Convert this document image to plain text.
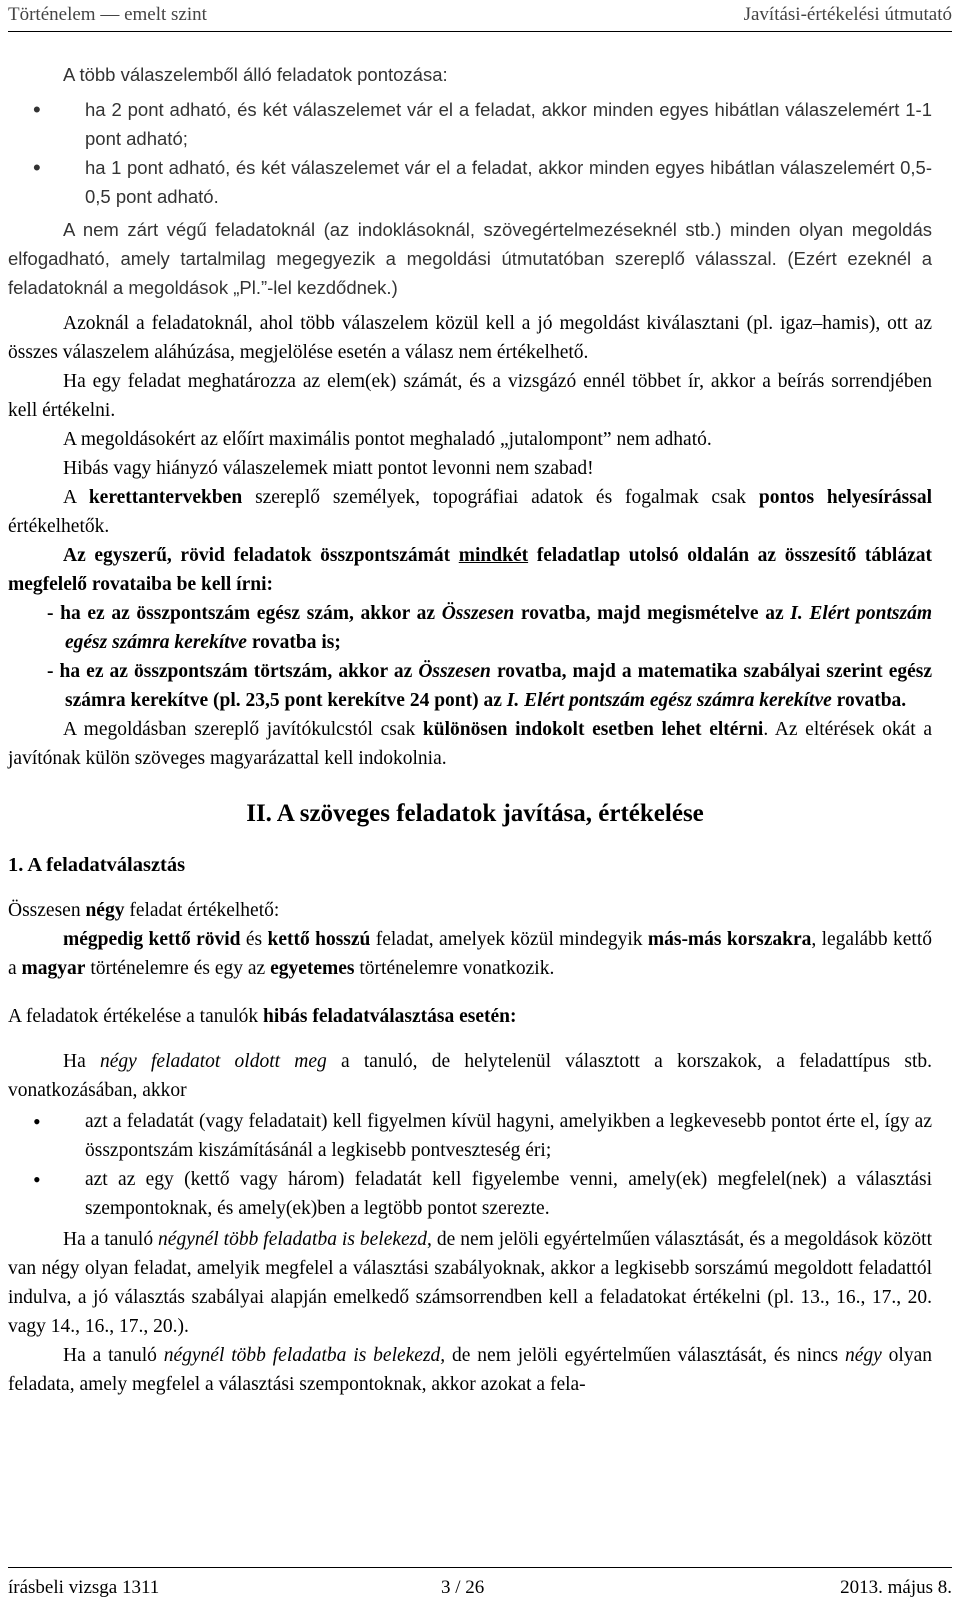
Történelem — emelt szint	Javítási-értékelési útmutató

A több válaszelemből álló feladatok pontozása:

• ha 2 pont adható, és két válaszelemet vár el a feladat, akkor minden egyes hibátlan válaszelemért 1-1 pont adható;
• ha 1 pont adható, és két válaszelemet vár el a feladat, akkor minden egyes hibátlan válaszelemért 0,5-0,5 pont adható.

A nem zárt végű feladatoknál (az indoklásoknál, szövegértelmezéseknél stb.) minden olyan megoldás elfogadható, amely tartalmilag megegyezik a megoldási útmutatóban szereplő válasszal. (Ezért ezeknél a feladatoknál a megoldások „Pl.”-lel kezdődnek.)

Azoknál a feladatoknál, ahol több válaszelem közül kell a jó megoldást kiválasztani (pl. igaz–hamis), ott az összes válaszelem aláhúzása, megjelölése esetén a válasz nem értékelhető.

Ha egy feladat meghatározza az elem(ek) számát, és a vizsgázó ennél többet ír, akkor a beírás sorrendjében kell értékelni.

A megoldásokért az előírt maximális pontot meghaladó „jutalompont” nem adható.

Hibás vagy hiányzó válaszelemek miatt pontot levonni nem szabad!

A kerettantervekben szereplő személyek, topográfiai adatok és fogalmak csak pontos helyesírással értékelhetők.

Az egyszerű, rövid feladatok összpontszámát mindkét feladatlap utolsó oldalán az összesítő táblázat megfelelő rovataiba be kell írni:

- ha ez az összpontszám egész szám, akkor az Összesen rovatba, majd megismételve az I. Elért pontszám egész számra kerekítve rovatba is;

- ha ez az összpontszám törtszám, akkor az Összesen rovatba, majd a matematika szabályai szerint egész számra kerekítve (pl. 23,5 pont kerekítve 24 pont) az I. Elért pontszám egész számra kerekítve rovatba.

A megoldásban szereplő javítókulcstól csak különösen indokolt esetben lehet eltérni. Az eltérések okát a javítónak külön szöveges magyarázattal kell indokolnia.

II. A szöveges feladatok javítása, értékelése
1. A feladatválasztás

Összesen négy feladat értékelhető:

mégpedig kettő rövid és kettő hosszú feladat, amelyek közül mindegyik más-más korszakra, legalább kettő a magyar történelemre és egy az egyetemes történelemre vonatkozik.

A feladatok értékelése a tanulók hibás feladatválasztása esetén:

Ha négy feladatot oldott meg a tanuló, de helytelenül választott a korszakok, a feladattípus stb. vonatkozásában, akkor

• azt a feladatát (vagy feladatait) kell figyelmen kívül hagyni, amelyikben a legkevesebb pontot érte el, így az összpontszám kiszámításánál a legkisebb pontveszteség éri;
• azt az egy (kettő vagy három) feladatát kell figyelembe venni, amely(ek) megfelel(nek) a választási szempontoknak, és amely(ek)ben a legtöbb pontot szerezte.

Ha a tanuló négynél több feladatba is belekezd, de nem jelöli egyértelműen választását, és a megoldások között van négy olyan feladat, amelyik megfelel a választási szabályoknak, akkor a legkisebb sorszámú megoldott feladattól indulva, a jó választás szabályai alapján emelkedő számsorrendben kell a feladatokat értékelni (pl. 13., 16., 17., 20. vagy 14., 16., 17., 20.).

Ha a tanuló négynél több feladatba is belekezd, de nem jelöli egyértelműen választását, és nincs négy olyan feladata, amely megfelel a választási szempontoknak, akkor azokat a fela-

írásbeli vizsga 1311	3 / 26	2013. május 8.
